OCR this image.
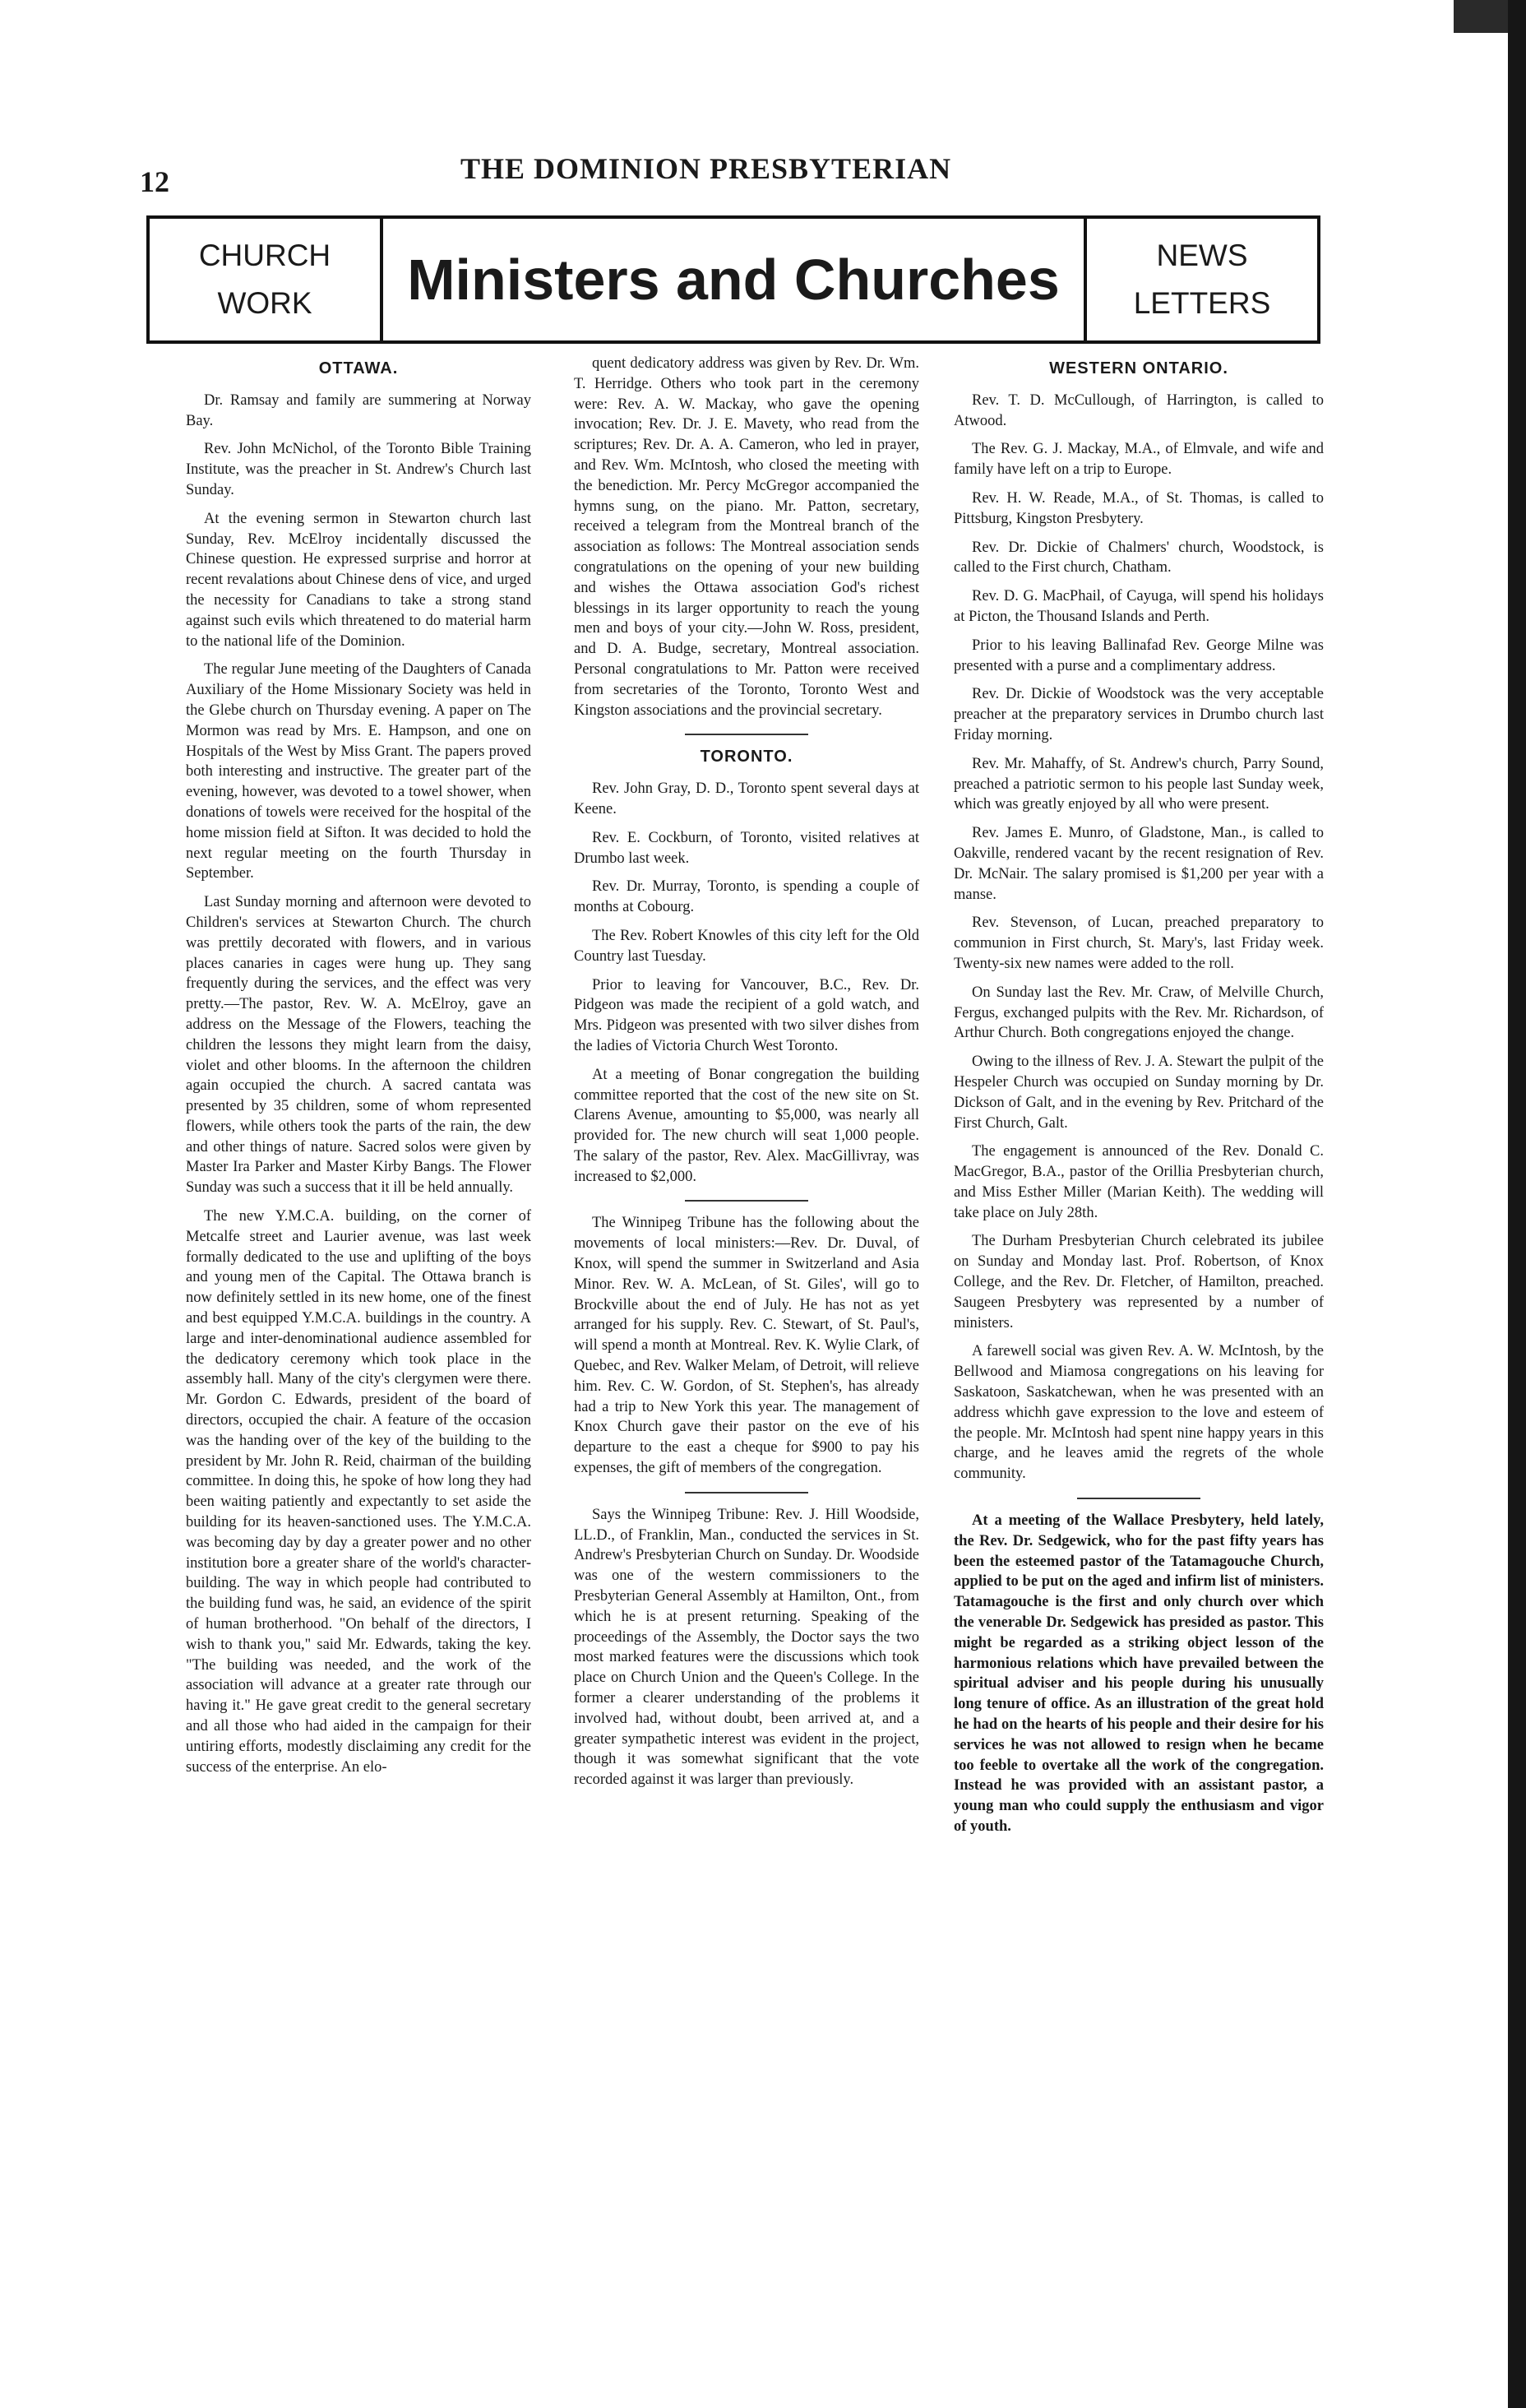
12	THE DOMINION PRESBYTERIAN
CHURCH
WORK	Ministers and Churches	NEWS
LETTERS
OTTAWA.

Dr. Ramsay and family are summering at Norway Bay.

Rev. John McNichol, of the Toronto Bible Training Institute, was the preacher in St. Andrew's Church last Sunday.

At the evening sermon in Stewarton church last Sunday, Rev. McElroy incidentally discussed the Chinese question. He expressed surprise and horror at recent revalations about Chinese dens of vice, and urged the necessity for Canadians to take a strong stand against such evils which threatened to do material harm to the national life of the Dominion.

The regular June meeting of the Daughters of Canada Auxiliary of the Home Missionary Society was held in the Glebe church on Thursday evening. A paper on The Mormon was read by Mrs. E. Hampson, and one on Hospitals of the West by Miss Grant. The papers proved both interesting and instructive. The greater part of the evening, however, was devoted to a towel shower, when donations of towels were received for the hospital of the home mission field at Sifton. It was decided to hold the next regular meeting on the fourth Thursday in September.

Last Sunday morning and afternoon were devoted to Children's services at Stewarton Church. The church was prettily decorated with flowers, and in various places canaries in cages were hung up. They sang frequently during the services, and the effect was very pretty.—The pastor, Rev. W. A. McElroy, gave an address on the Message of the Flowers, teaching the children the lessons they might learn from the daisy, violet and other blooms. In the afternoon the children again occupied the church. A sacred cantata was presented by 35 children, some of whom represented flowers, while others took the parts of the rain, the dew and other things of nature. Sacred solos were given by Master Ira Parker and Master Kirby Bangs. The Flower Sunday was such a success that it ill be held annually.

The new Y.M.C.A. building, on the corner of Metcalfe street and Laurier avenue, was last week formally dedicated to the use and uplifting of the boys and young men of the Capital. The Ottawa branch is now definitely settled in its new home, one of the finest and best equipped Y.M.C.A. buildings in the country. A large and inter-denominational audience assembled for the dedicatory ceremony which took place in the assembly hall. Many of the city's clergymen were there. Mr. Gordon C. Edwards, president of the board of directors, occupied the chair. A feature of the occasion was the handing over of the key of the building to the president by Mr. John R. Reid, chairman of the building committee. In doing this, he spoke of how long they had been waiting patiently and expectantly to set aside the building for its heaven-sanctioned uses. The Y.M.C.A. was becoming day by day a greater power and no other institution bore a greater share of the world's character-building. The way in which people had contributed to the building fund was, he said, an evidence of the spirit of human brotherhood. "On behalf of the directors, I wish to thank you," said Mr. Edwards, taking the key. "The building was needed, and the work of the association will advance at a greater rate through our having it." He gave great credit to the general secretary and all those who had aided in the campaign for their untiring efforts, modestly disclaiming any credit for the success of the enterprise. An elo-

quent dedicatory address was given by Rev. Dr. Wm. T. Herridge. Others who took part in the ceremony were: Rev. A. W. Mackay, who gave the opening invocation; Rev. Dr. J. E. Mavety, who read from the scriptures; Rev. Dr. A. A. Cameron, who led in prayer, and Rev. Wm. McIntosh, who closed the meeting with the benediction. Mr. Percy McGregor accompanied the hymns sung, on the piano. Mr. Patton, secretary, received a telegram from the Montreal branch of the association as follows: The Montreal association sends congratulations on the opening of your new building and wishes the Ottawa association God's richest blessings in its larger opportunity to reach the young men and boys of your city.—John W. Ross, president, and D. A. Budge, secretary, Montreal association. Personal congratulations to Mr. Patton were received from secretaries of the Toronto, Toronto West and Kingston associations and the provincial secretary.

TORONTO.

Rev. John Gray, D. D., Toronto spent several days at Keene.

Rev. E. Cockburn, of Toronto, visited relatives at Drumbo last week.

Rev. Dr. Murray, Toronto, is spending a couple of months at Cobourg.

The Rev. Robert Knowles of this city left for the Old Country last Tuesday.

Prior to leaving for Vancouver, B.C., Rev. Dr. Pidgeon was made the recipient of a gold watch, and Mrs. Pidgeon was presented with two silver dishes from the ladies of Victoria Church West Toronto.

At a meeting of Bonar congregation the building committee reported that the cost of the new site on St. Clarens Avenue, amounting to $5,000, was nearly all provided for. The new church will seat 1,000 people. The salary of the pastor, Rev. Alex. MacGillivray, was increased to $2,000.

The Winnipeg Tribune has the following about the movements of local ministers:—Rev. Dr. Duval, of Knox, will spend the summer in Switzerland and Asia Minor. Rev. W. A. McLean, of St. Giles', will go to Brockville about the end of July. He has not as yet arranged for his supply. Rev. C. Stewart, of St. Paul's, will spend a month at Montreal. Rev. K. Wylie Clark, of Quebec, and Rev. Walker Melam, of Detroit, will relieve him. Rev. C. W. Gordon, of St. Stephen's, has already had a trip to New York this year. The management of Knox Church gave their pastor on the eve of his departure to the east a cheque for $900 to pay his expenses, the gift of members of the congregation.

Says the Winnipeg Tribune: Rev. J. Hill Woodside, LL.D., of Franklin, Man., conducted the services in St. Andrew's Presbyterian Church on Sunday. Dr. Woodside was one of the western commissioners to the Presbyterian General Assembly at Hamilton, Ont., from which he is at present returning. Speaking of the proceedings of the Assembly, the Doctor says the two most marked features were the discussions which took place on Church Union and the Queen's College. In the former a clearer understanding of the problems it involved had, without doubt, been arrived at, and a greater sympathetic interest was evident in the project, though it was somewhat significant that the vote recorded against it was larger than previously.

WESTERN ONTARIO.

Rev. T. D. McCullough, of Harrington, is called to Atwood.

The Rev. G. J. Mackay, M.A., of Elmvale, and wife and family have left on a trip to Europe.

Rev. H. W. Reade, M.A., of St. Thomas, is called to Pittsburg, Kingston Presbytery.

Rev. Dr. Dickie of Chalmers' church, Woodstock, is called to the First church, Chatham.

Rev. D. G. MacPhail, of Cayuga, will spend his holidays at Picton, the Thousand Islands and Perth.

Prior to his leaving Ballinafad Rev. George Milne was presented with a purse and a complimentary address.

Rev. Dr. Dickie of Woodstock was the very acceptable preacher at the preparatory services in Drumbo church last Friday morning.

Rev. Mr. Mahaffy, of St. Andrew's church, Parry Sound, preached a patriotic sermon to his people last Sunday week, which was greatly enjoyed by all who were present.

Rev. James E. Munro, of Gladstone, Man., is called to Oakville, rendered vacant by the recent resignation of Rev. Dr. McNair. The salary promised is $1,200 per year with a manse.

Rev. Stevenson, of Lucan, preached preparatory to communion in First church, St. Mary's, last Friday week. Twenty-six new names were added to the roll.

On Sunday last the Rev. Mr. Craw, of Melville Church, Fergus, exchanged pulpits with the Rev. Mr. Richardson, of Arthur Church. Both congregations enjoyed the change.

Owing to the illness of Rev. J. A. Stewart the pulpit of the Hespeler Church was occupied on Sunday morning by Dr. Dickson of Galt, and in the evening by Rev. Pritchard of the First Church, Galt.

The engagement is announced of the Rev. Donald C. MacGregor, B.A., pastor of the Orillia Presbyterian church, and Miss Esther Miller (Marian Keith). The wedding will take place on July 28th.

The Durham Presbyterian Church celebrated its jubilee on Sunday and Monday last. Prof. Robertson, of Knox College, and the Rev. Dr. Fletcher, of Hamilton, preached. Saugeen Presbytery was represented by a number of ministers.

A farewell social was given Rev. A. W. McIntosh, by the Bellwood and Miamosa congregations on his leaving for Saskatoon, Saskatchewan, when he was presented with an address whichh gave expression to the love and esteem of the people. Mr. McIntosh had spent nine happy years in this charge, and he leaves amid the regrets of the whole community.

At a meeting of the Wallace Presbytery, held lately, the Rev. Dr. Sedgewick, who for the past fifty years has been the esteemed pastor of the Tatamagouche Church, applied to be put on the aged and infirm list of ministers. Tatamagouche is the first and only church over which the venerable Dr. Sedgewick has presided as pastor. This might be regarded as a striking object lesson of the harmonious relations which have prevailed between the spiritual adviser and his people during his unusually long tenure of office. As an illustration of the great hold he had on the hearts of his people and their desire for his services he was not allowed to resign when he became too feeble to overtake all the work of the congregation. Instead he was provided with an assistant pastor, a young man who could supply the enthusiasm and vigor of youth.
